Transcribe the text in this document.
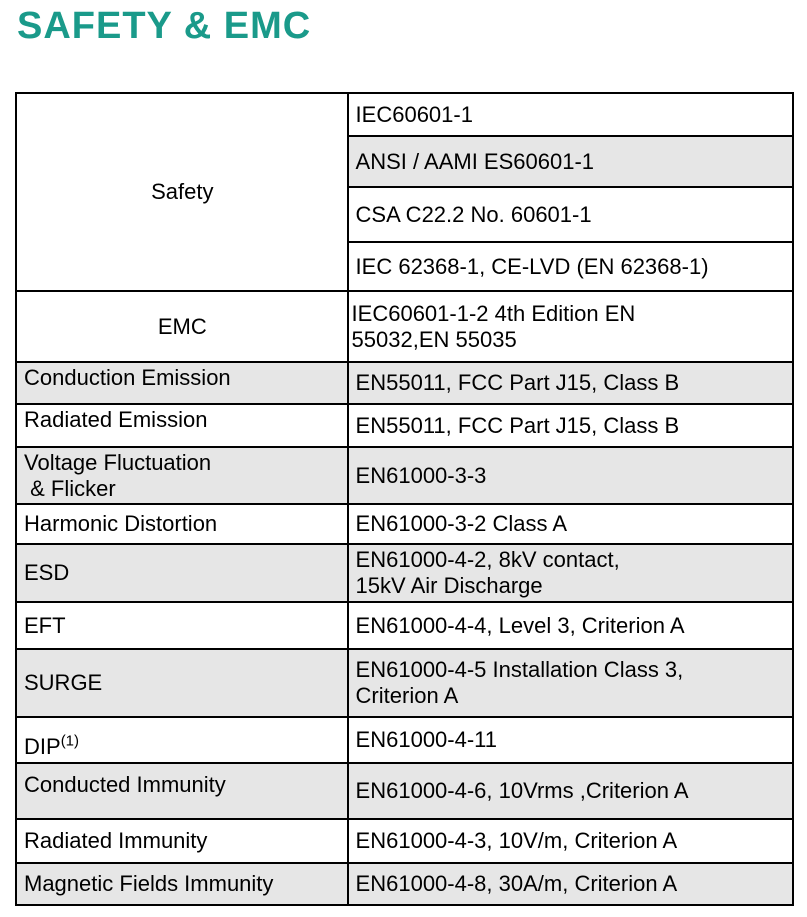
SAFETY & EMC
Safety	IEC60601-1
	ANSI / AAMI ES60601-1
	CSA C22.2 No. 60601-1
	IEC 62368-1, CE-LVD (EN 62368-1)
EMC	IEC60601-1-2 4th Edition EN
55032,EN 55035

Conduction Emission	EN55011, FCC Part J15, Class B
Radiated Emission	EN55011, FCC Part J15, Class B

Voltage Fluctuation
& Flicker	EN61000-3-3
Harmonic Distortion	EN61000-3-2 Class A
ESD	EN61000-4-2, 8kV contact,
15kV Air Discharge

EFT	EN61000-4-4, Level 3, Criterion A
SURGE	EN61000-4-5 Installation Class 3,
Criterion A

DIP$^{(1)}$	EN61000-4-11
Conducted Immunity	EN61000-4-6, 10Vrms ,Criterion A
Radiated Immunity	EN61000-4-3, 10V/m, Criterion A
Magnetic Fields Immunity	EN61000-4-8, 30A/m, Criterion A
